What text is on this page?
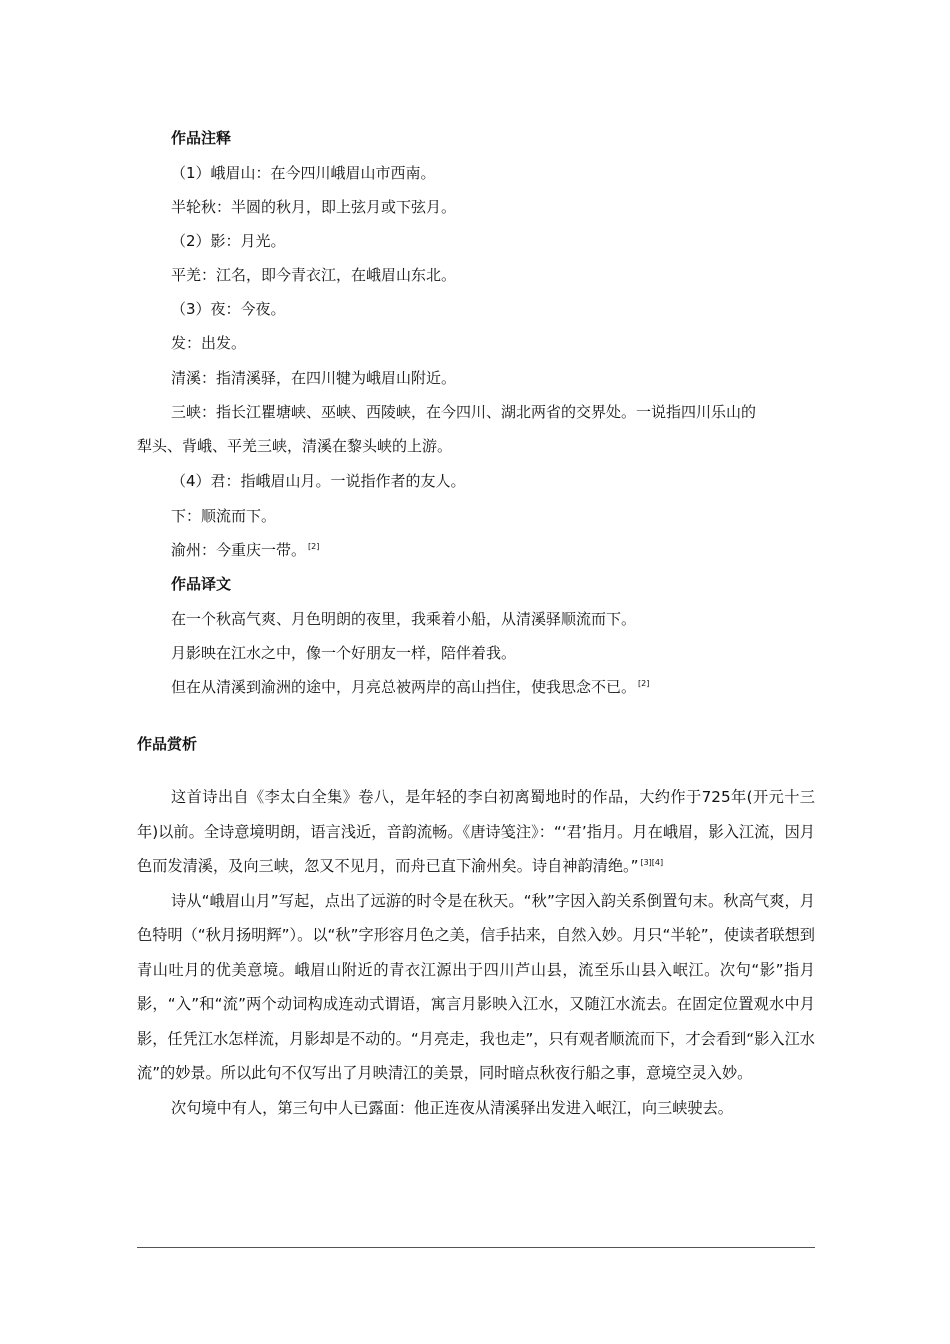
作品注释
（1）峨眉山：在今四川峨眉山市西南。
半轮秋：半圆的秋月，即上弦月或下弦月。
（2）影：月光。
平羌：江名，即今青衣江，在峨眉山东北。
（3）夜：今夜。
发：出发。
清溪：指清溪驿，在四川犍为峨眉山附近。
三峡：指长江瞿塘峡、巫峡、西陵峡，在今四川、湖北两省的交界处。一说指四川乐山的
犁头、背峨、平羌三峡，清溪在黎头峡的上游。
（4）君：指峨眉山月。一说指作者的友人。
下：顺流而下。
渝州：今重庆一带。 [2]
作品译文
在一个秋高气爽、月色明朗的夜里，我乘着小船，从清溪驿顺流而下。
月影映在江水之中，像一个好朋友一样，陪伴着我。
但在从清溪到渝洲的途中，月亮总被两岸的高山挡住，使我思念不已。 [2]
作品赏析

这首诗出自《李太白全集》卷八，是年轻的李白初离蜀地时的作品，大约作于725年(开元十三年)以前。全诗意境明朗，语言浅近，音韵流畅。《唐诗笺注》：“‘君’指月。月在峨眉，影入江流，因月色而发清溪，及向三峡，忽又不见月，而舟已直下渝州矣。诗自神韵清绝。” [3][4]

诗从“峨眉山月”写起，点出了远游的时令是在秋天。“秋”字因入韵关系倒置句末。秋高气爽，月色特明（“秋月扬明辉”）。以“秋”字形容月色之美，信手拈来，自然入妙。月只“半轮”，使读者联想到青山吐月的优美意境。峨眉山附近的青衣江源出于四川芦山县，流至乐山县入岷江。次句“影”指月影，“入”和“流”两个动词构成连动式谓语，寓言月影映入江水，又随江水流去。在固定位置观水中月影，任凭江水怎样流，月影却是不动的。“月亮走，我也走”，只有观者顺流而下，才会看到“影入江水流”的妙景。所以此句不仅写出了月映清江的美景，同时暗点秋夜行船之事，意境空灵入妙。

次句境中有人，第三句中人已露面：他正连夜从清溪驿出发进入岷江，向三峡驶去。
